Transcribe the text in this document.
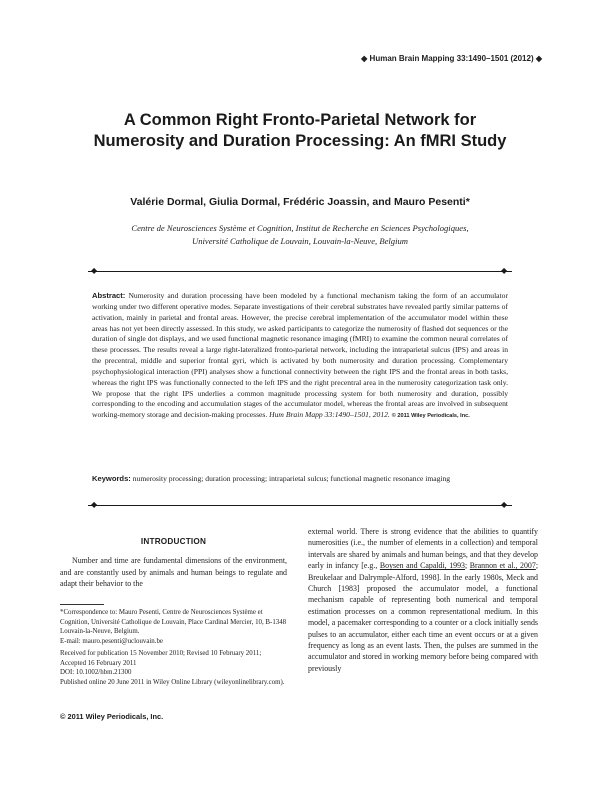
◆ Human Brain Mapping 33:1490–1501 (2012) ◆
A Common Right Fronto-Parietal Network for Numerosity and Duration Processing: An fMRI Study
Valérie Dormal, Giulia Dormal, Frédéric Joassin, and Mauro Pesenti*
Centre de Neurosciences Système et Cognition, Institut de Recherche en Sciences Psychologiques,
Université Catholique de Louvain, Louvain-la-Neuve, Belgium
◆	◆
Abstract: Numerosity and duration processing have been modeled by a functional mechanism taking the form of an accumulator working under two different operative modes. Separate investigations of their cerebral substrates have revealed partly similar patterns of activation, mainly in parietal and frontal areas. However, the precise cerebral implementation of the accumulator model within these areas has not yet been directly assessed. In this study, we asked participants to categorize the numerosity of flashed dot sequences or the duration of single dot displays, and we used functional magnetic resonance imaging (fMRI) to examine the common neural correlates of these processes. The results reveal a large right-lateralized fronto-parietal network, including the intraparietal sulcus (IPS) and areas in the precentral, middle and superior frontal gyri, which is activated by both numerosity and duration processing. Complementary psychophysiological interaction (PPI) analyses show a functional connectivity between the right IPS and the frontal areas in both tasks, whereas the right IPS was functionally connected to the left IPS and the right precentral area in the numerosity categorization task only. We propose that the right IPS underlies a common magnitude processing system for both numerosity and duration, possibly corresponding to the encoding and accumulation stages of the accumulator model, whereas the frontal areas are involved in subsequent working-memory storage and decision-making processes. Hum Brain Mapp 33:1490–1501, 2012. © 2011 Wiley Periodicals, Inc.
Keywords: numerosity processing; duration processing; intraparietal sulcus; functional magnetic resonance imaging
◆	◆
INTRODUCTION

Number and time are fundamental dimensions of the environment, and are constantly used by animals and human beings to regulate and adapt their behavior to the

external world. There is strong evidence that the abilities to quantify numerosities (i.e., the number of elements in a collection) and temporal intervals are shared by animals and human beings, and that they develop early in infancy [e.g., Boysen and Capaldi, 1993; Brannon et al., 2007; Breukelaar and Dalrymple-Alford, 1998]. In the early 1980s, Meck and Church [1983] proposed the accumulator model, a functional mechanism capable of representing both numerical and temporal estimation processes on a common representational medium. In this model, a pacemaker corresponding to a counter or a clock initially sends pulses to an accumulator, either each time an event occurs or at a given frequency as long as an event lasts. Then, the pulses are summed in the accumulator and stored in working memory before being compared with previously

*Correspondence to: Mauro Pesenti, Centre de Neurosciences Système et Cognition, Université Catholique de Louvain, Place Cardinal Mercier, 10, B-1348 Louvain-la-Neuve, Belgium.

E-mail: mauro.pesenti@uclouvain.be

Received for publication 15 November 2010; Revised 10 February 2011; Accepted 16 February 2011

DOI: 10.1002/hbm.21300

Published online 20 June 2011 in Wiley Online Library (wileyonlinelibrary.com).

© 2011 Wiley Periodicals, Inc.
